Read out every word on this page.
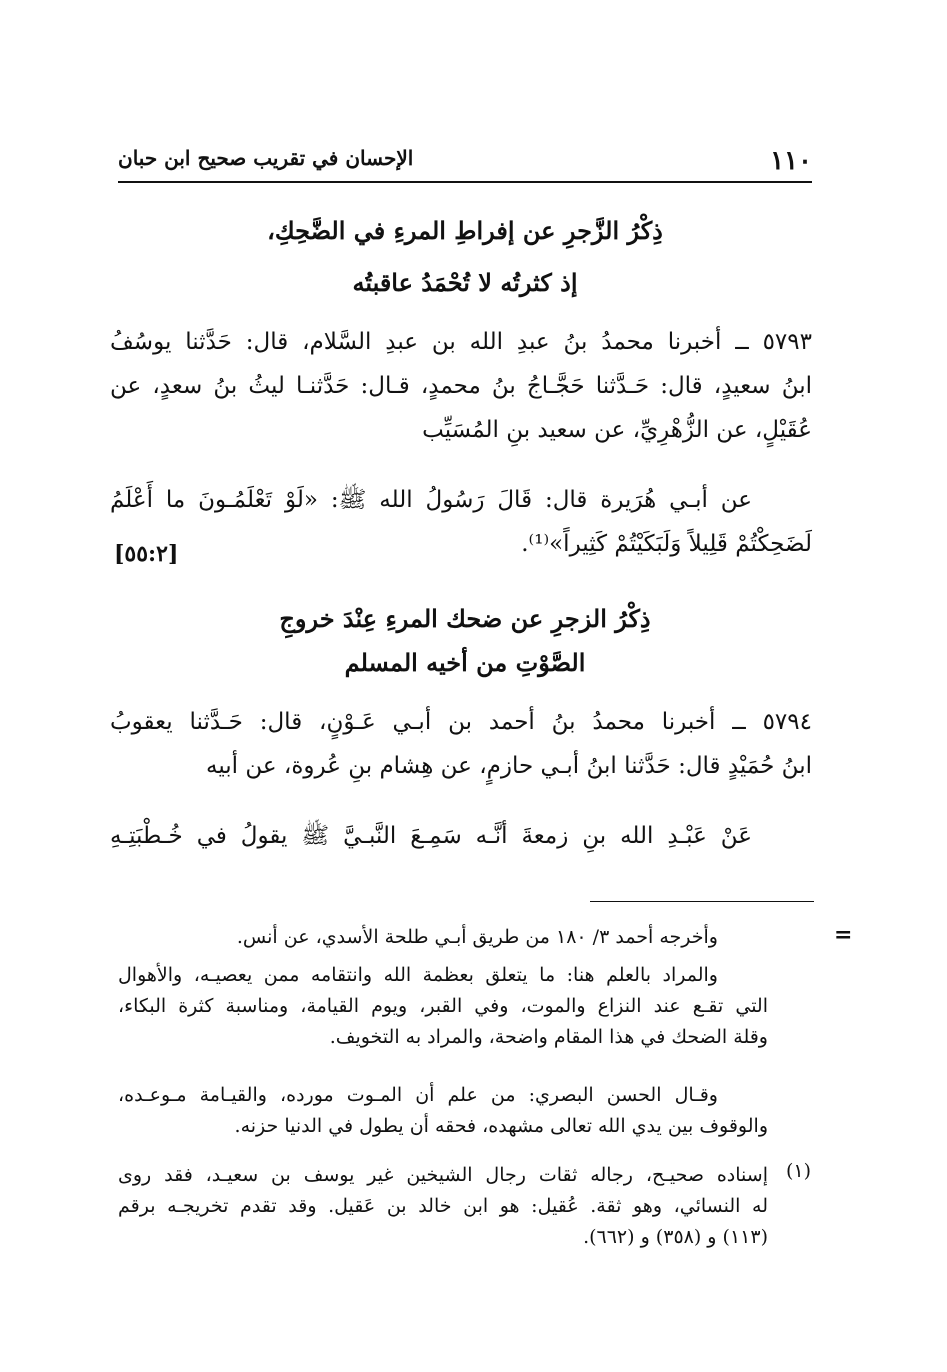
١١٠
الإحسان في تقريب صحيح ابن حبان

ذِكْرُ الزَّجرِ عن إفراطِ المرءِ في الضَّحِكِ،

إذ كثرتُه لا تُحْمَدُ عاقبتُه

٥٧٩٣ ــ أخبرنا محمدُ بنُ عبدِ الله بن عبدِ السَّلام، قال: حَدَّثنا يوسُفُ
ابنُ سعيدٍ، قال: حَـدَّثنا حَجَّـاجُ بنُ محمدٍ، قـال: حَدَّثنـا ليثُ بنُ سعدٍ، عن
عُقَيْلٍ، عن الزُّهْرِيِّ، عن سعيد بنِ المُسَيِّب

عن أبـي هُرَيرة قال: قَالَ رَسُولُ الله ﷺ: «لَوْ تَعْلَمُـونَ ما أَعْلَمُ
لَضَحِكْتُمْ قَلِيلاً وَلَبَكَيْتُمْ كَثِيراً»⁽¹⁾.

[٥٥:٢]

ذِكْرُ الزجرِ عن ضحك المرءِ عِنْدَ خروجِ

الصَّوْتِ من أخيه المسلم

٥٧٩٤ ــ أخبرنا محمدُ بنُ أحمد بن أبـي عَـوْنٍ، قال: حَـدَّثنا يعقوبُ
ابنُ حُمَيْدٍ قال: حَدَّثنا ابنُ أبـي حازمٍ، عن هِشام بنِ عُروة، عن أبيه

عَنْ عَبْـدِ الله بنِ زمعةَ أنَّـه سَمِـعَ النَّبـيَّ ﷺ يقولُ في خُـطْبَتِـهِ

=

وأخرجه أحمد ٣/ ١٨٠ من طريق أبـي طلحة الأسدي، عن أنس.

والمراد بالعلم هنا: ما يتعلق بعظمة الله وانتقامه ممن يعصيـه، والأهوال

التي تقـع عند النزاع والموت، وفي القبر، ويوم القيامة، ومناسبة كثرة البكاء،
وقلة الضحك في هذا المقام واضحة، والمراد به التخويف.

وقـال الحسن البصري: من علم أن المـوت مورده، والقيـامة مـوعـده،

والوقوف بين يدي الله تعالى مشهده، فحقه أن يطول في الدنيا حزنه.

(١)

إسناده صحيـح، رجاله ثقات رجال الشيخين غير يوسف بن سعيـد، فقد روى
له النسائي، وهو ثقة. عُقيل: هو ابن خالد بن عَقيل. وقد تقدم تخريجـه برقم
(١١٣) و (٣٥٨) و (٦٦٢).
